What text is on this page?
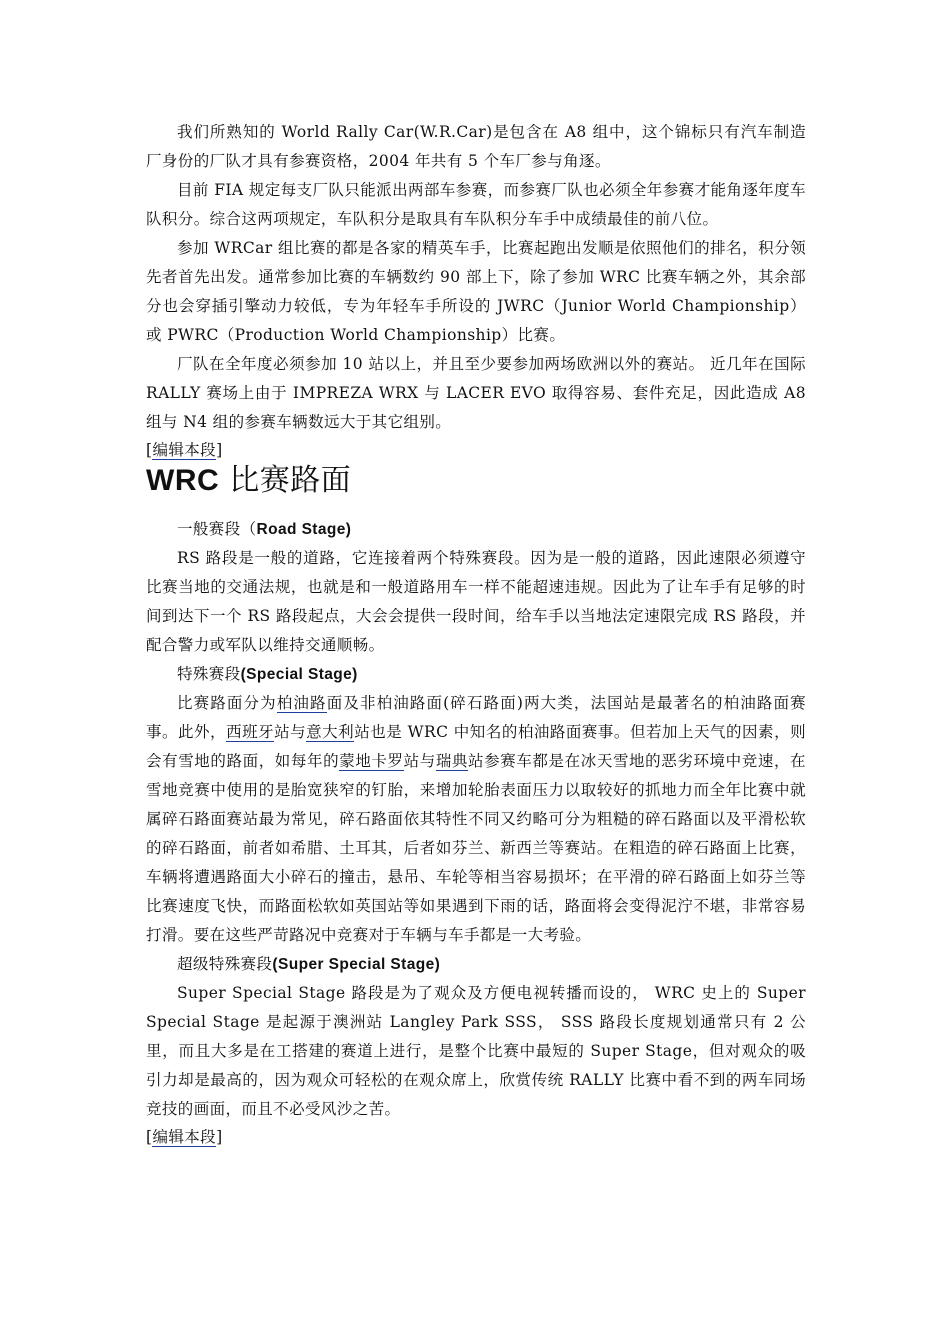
我们所熟知的 World Rally Car(W.R.Car)是包含在 A8 组中，这个锦标只有汽车制造厂身份的厂队才具有参赛资格，2004 年共有 5 个车厂参与角逐。

目前 FIA 规定每支厂队只能派出两部车参赛，而参赛厂队也必须全年参赛才能角逐年度车队积分。综合这两项规定，车队积分是取具有车队积分车手中成绩最佳的前八位。

参加 WRCar 组比赛的都是各家的精英车手，比赛起跑出发顺是依照他们的排名，积分领先者首先出发。通常参加比赛的车辆数约 90 部上下，除了参加 WRC 比赛车辆之外，其余部分也会穿插引擎动力较低，专为年轻车手所设的 JWRC（Junior World Championship）或 PWRC（Production World Championship）比赛。

厂队在全年度必须参加 10 站以上，并且至少要参加两场欧洲以外的赛站。 近几年在国际 RALLY 赛场上由于 IMPREZA WRX 与 LACER EVO 取得容易、套件充足，因此造成 A8 组与 N4 组的参赛车辆数远大于其它组别。

[编辑本段]
WRC 比赛路面

一般赛段（Road Stage)

RS 路段是一般的道路，它连接着两个特殊赛段。因为是一般的道路，因此速限必须遵守比赛当地的交通法规，也就是和一般道路用车一样不能超速违规。因此为了让车手有足够的时间到达下一个 RS 路段起点，大会会提供一段时间，给车手以当地法定速限完成 RS 路段，并配合警力或军队以维持交通顺畅。

特殊赛段(Special Stage)

比赛路面分为柏油路面及非柏油路面(碎石路面)两大类，法国站是最著名的柏油路面赛事。此外，西班牙站与意大利站也是 WRC 中知名的柏油路面赛事。但若加上天气的因素，则会有雪地的路面，如每年的蒙地卡罗站与瑞典站参赛车都是在冰天雪地的恶劣环境中竞速，在雪地竞赛中使用的是胎宽狭窄的钉胎，来增加轮胎表面压力以取较好的抓地力而全年比赛中就属碎石路面赛站最为常见，碎石路面依其特性不同又约略可分为粗糙的碎石路面以及平滑松软的碎石路面，前者如希腊、土耳其，后者如芬兰、新西兰等赛站。在粗造的碎石路面上比赛，车辆将遭遇路面大小碎石的撞击，悬吊、车轮等相当容易损坏；在平滑的碎石路面上如芬兰等比赛速度飞快，而路面松软如英国站等如果遇到下雨的话，路面将会变得泥泞不堪，非常容易打滑。要在这些严苛路况中竞赛对于车辆与车手都是一大考验。

超级特殊赛段(Super Special Stage)

Super Special Stage 路段是为了观众及方便电视转播而设的， WRC 史上的 Super Special Stage 是起源于澳洲站 Langley Park SSS， SSS 路段长度规划通常只有 2 公里，而且大多是在工搭建的赛道上进行，是整个比赛中最短的 Super Stage，但对观众的吸引力却是最高的，因为观众可轻松的在观众席上，欣赏传统 RALLY 比赛中看不到的两车同场竞技的画面，而且不必受风沙之苦。

[编辑本段]
